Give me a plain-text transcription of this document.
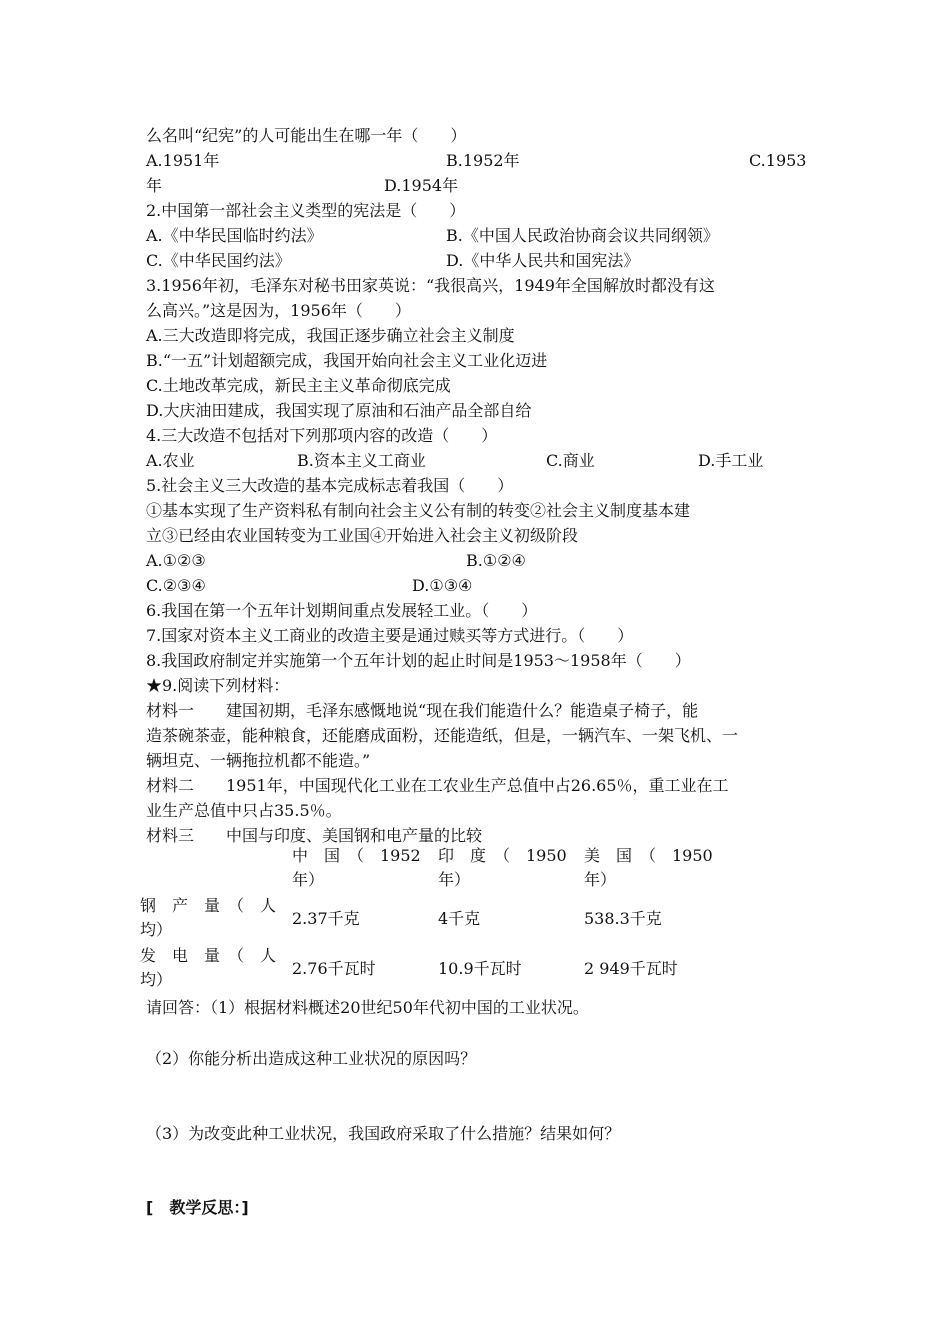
么名叫“纪宪”的人可能出生在哪一年（　　）
A.1951年	B.1952年	C.1953
年	D.1954年
2.中国第一部社会主义类型的宪法是（　　）
A.《中华民国临时约法》	B.《中国人民政治协商会议共同纲领》
C.《中华民国约法》	D.《中华人民共和国宪法》
3.1956年初，毛泽东对秘书田家英说：“我很高兴，1949年全国解放时都没有这
么高兴。”这是因为，1956年（　　）
A.三大改造即将完成，我国正逐步确立社会主义制度
B.“一五”计划超额完成，我国开始向社会主义工业化迈进
C.土地改革完成，新民主主义革命彻底完成
D.大庆油田建成，我国实现了原油和石油产品全部自给
4.三大改造不包括对下列那项内容的改造（　　）
A.农业	B.资本主义工商业	C.商业	D.手工业
5.社会主义三大改造的基本完成标志着我国（　　）
①基本实现了生产资料私有制向社会主义公有制的转变②社会主义制度基本建
立③已经由农业国转变为工业国④开始进入社会主义初级阶段
A.①②③	B.①②④
C.②③④	D.①③④
6.我国在第一个五年计划期间重点发展轻工业。（　　）
7.国家对资本主义工商业的改造主要是通过赎买等方式进行。（　　）
8.我国政府制定并实施第一个五年计划的起止时间是1953～1958年（　　）
★9.阅读下列材料：
材料一　　建国初期，毛泽东感慨地说“现在我们能造什么？能造桌子椅子，能
造茶碗茶壶，能种粮食，还能磨成面粉，还能造纸，但是，一辆汽车、一架飞机、一
辆坦克、一辆拖拉机都不能造。”
材料二　　1951年，中国现代化工业在工农业生产总值中占26.65％，重工业在工
业生产总值中只占35.5％。
材料三　　中国与印度、美国钢和电产量的比较
	中　国　（　1952　年）	印　度　（　1950　年）	美　国　（　1950　年）
钢　产　量　（　人　均）	2.37千克	4千克	538.3千克
发　电　量　（　人　均）	2.76千瓦时	10.9千瓦时	2 949千瓦时
请回答：（1）根据材料概述20世纪50年代初中国的工业状况。
（2）你能分析出造成这种工业状况的原因吗？
（3）为改变此种工业状况，我国政府采取了什么措施？结果如何？
[　教学反思：]
